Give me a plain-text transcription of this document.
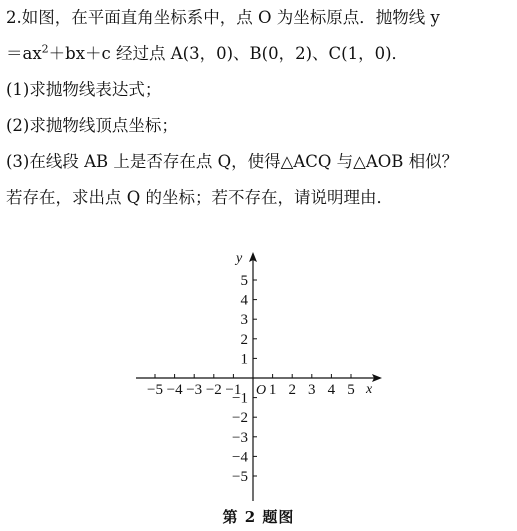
2.如图，在平面直角坐标系中，点 O 为坐标原点．抛物线 y
$=ax^2+bx+c$ 经过点 A(3，0)、B(0，2)、C(1，0)．
(1)求抛物线表达式；
(2)求抛物线顶点坐标；
(3)在线段 AB 上是否存在点 Q，使得△ACQ 与△AOB 相似？
若存在，求出点 Q 的坐标；若不存在，请说明理由．
−5 −4 −3 −2 −1 1 2 3 4 5
5
4
3
2
1
−1
−2
−3
−4
−5
x
y
O
第 2 题图
